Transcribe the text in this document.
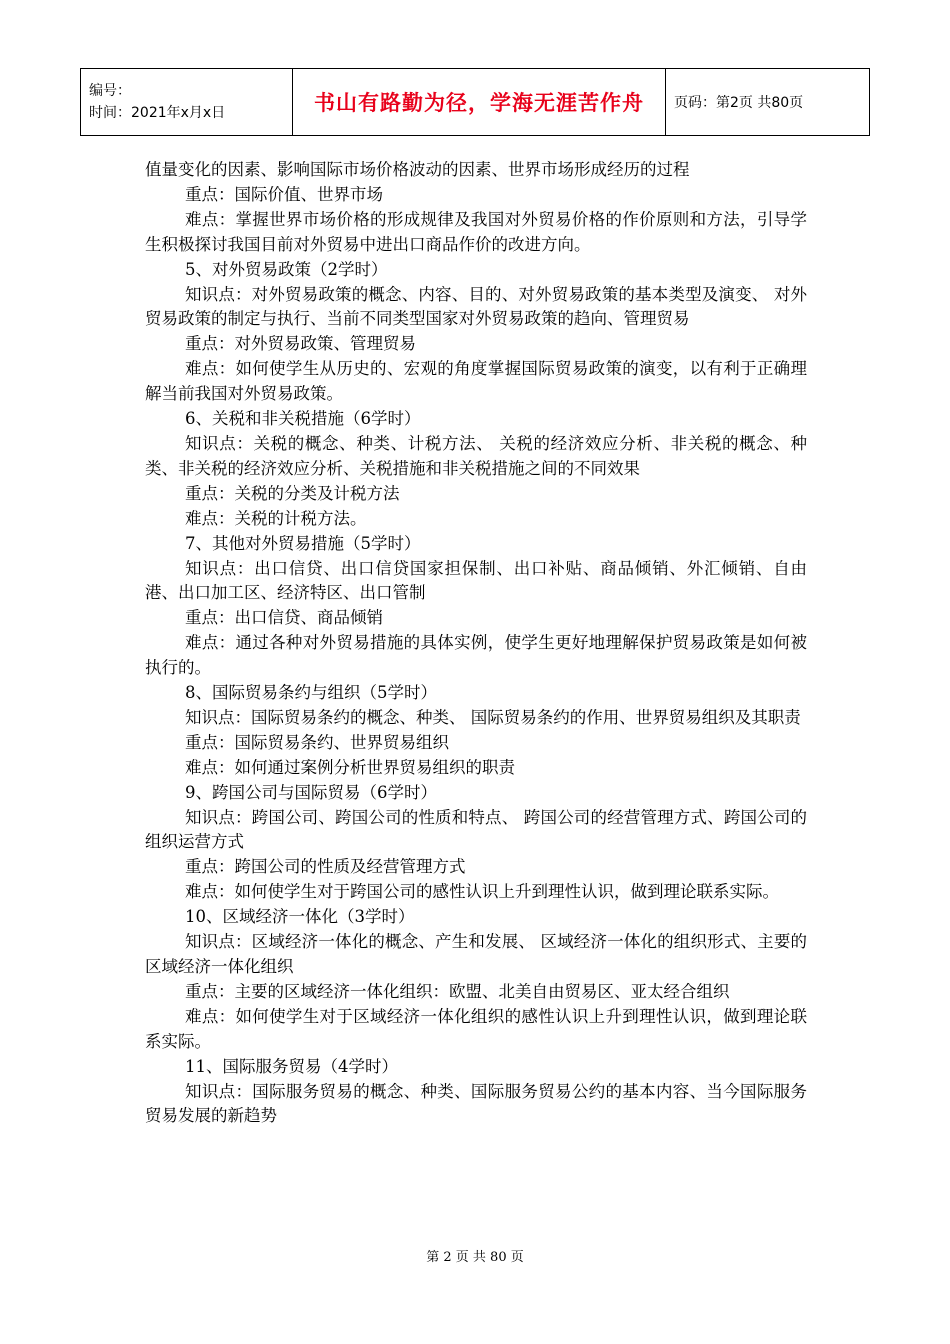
编号：
时间：2021年x月x日	书山有路勤为径，学海无涯苦作舟	页码：第2页 共80页

值量变化的因素、影响国际市场价格波动的因素、世界市场形成经历的过程

重点：国际价值、世界市场

难点：掌握世界市场价格的形成规律及我国对外贸易价格的作价原则和方法，引导学生积极探讨我国目前对外贸易中进出口商品作价的改进方向。

5、对外贸易政策（2学时）

知识点：对外贸易政策的概念、内容、目的、对外贸易政策的基本类型及演变、 对外贸易政策的制定与执行、当前不同类型国家对外贸易政策的趋向、管理贸易

重点：对外贸易政策、管理贸易

难点：如何使学生从历史的、宏观的角度掌握国际贸易政策的演变，以有利于正确理解当前我国对外贸易政策。

6、关税和非关税措施（6学时）

知识点：关税的概念、种类、计税方法、 关税的经济效应分析、非关税的概念、种类、非关税的经济效应分析、关税措施和非关税措施之间的不同效果

重点：关税的分类及计税方法

难点：关税的计税方法。

7、其他对外贸易措施（5学时）

知识点：出口信贷、出口信贷国家担保制、出口补贴、商品倾销、外汇倾销、自由港、出口加工区、经济特区、出口管制

重点：出口信贷、商品倾销

难点：通过各种对外贸易措施的具体实例，使学生更好地理解保护贸易政策是如何被执行的。

8、国际贸易条约与组织（5学时）

知识点：国际贸易条约的概念、种类、 国际贸易条约的作用、世界贸易组织及其职责

重点：国际贸易条约、世界贸易组织

难点：如何通过案例分析世界贸易组织的职责

9、跨国公司与国际贸易（6学时）

知识点：跨国公司、跨国公司的性质和特点、 跨国公司的经营管理方式、跨国公司的组织运营方式

重点：跨国公司的性质及经营管理方式

难点：如何使学生对于跨国公司的感性认识上升到理性认识，做到理论联系实际。

10、区域经济一体化（3学时）

知识点：区域经济一体化的概念、产生和发展、 区域经济一体化的组织形式、主要的区域经济一体化组织

重点：主要的区域经济一体化组织：欧盟、北美自由贸易区、亚太经合组织

难点：如何使学生对于区域经济一体化组织的感性认识上升到理性认识，做到理论联系实际。

11、国际服务贸易（4学时）

知识点：国际服务贸易的概念、种类、国际服务贸易公约的基本内容、当今国际服务贸易发展的新趋势

第 2 页 共 80 页
